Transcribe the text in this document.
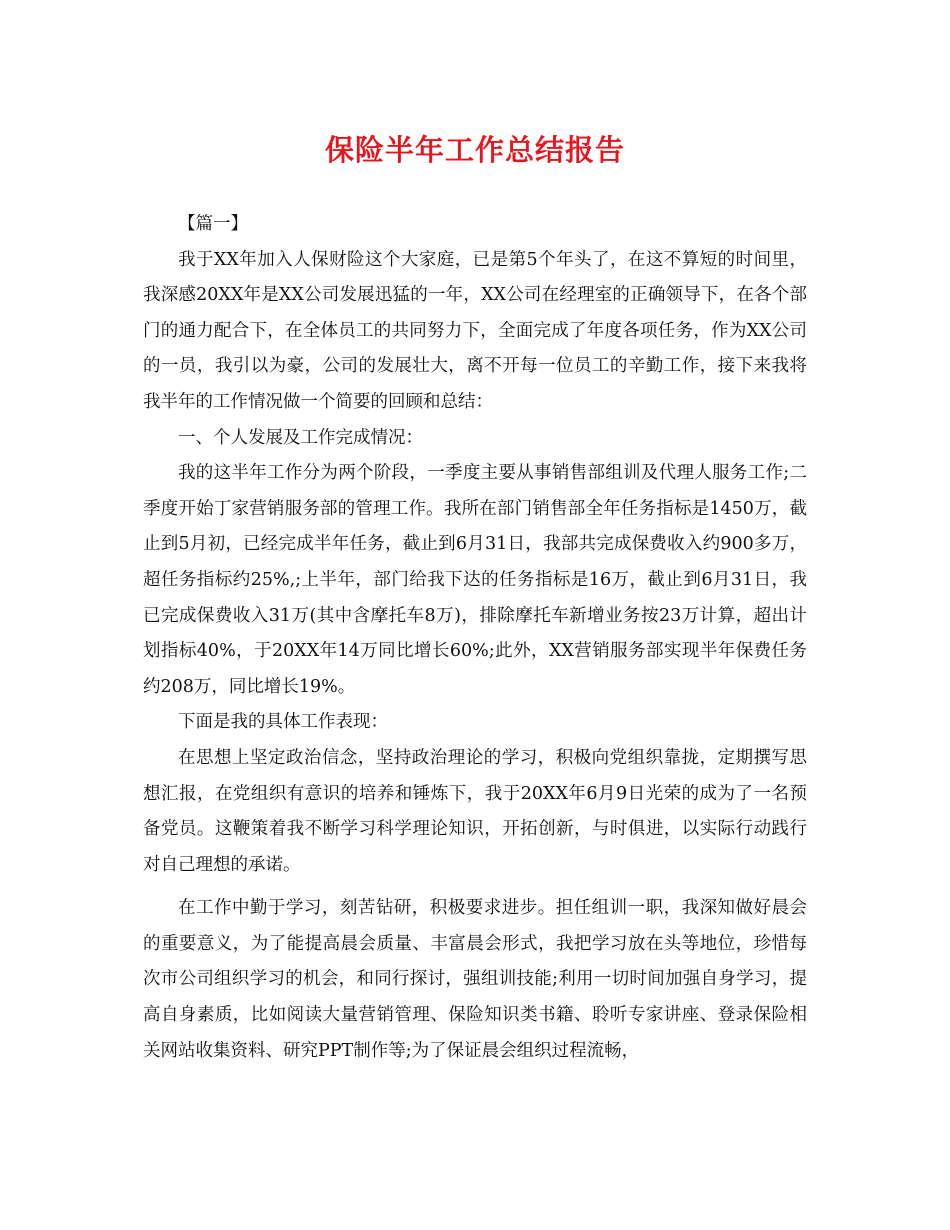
保险半年工作总结报告

【篇一】

我于XX年加入人保财险这个大家庭，已是第5个年头了，在这不算短的时间里，我深感20XX年是XX公司发展迅猛的一年，XX公司在经理室的正确领导下，在各个部门的通力配合下，在全体员工的共同努力下，全面完成了年度各项任务，作为XX公司的一员，我引以为豪，公司的发展壮大，离不开每一位员工的辛勤工作，接下来我将我半年的工作情况做一个简要的回顾和总结：

一、个人发展及工作完成情况：

我的这半年工作分为两个阶段，一季度主要从事销售部组训及代理人服务工作;二季度开始丁家营销服务部的管理工作。我所在部门销售部全年任务指标是1450万，截止到5月初，已经完成半年任务，截止到6月31日，我部共完成保费收入约900多万，超任务指标约25%,;上半年，部门给我下达的任务指标是16万，截止到6月31日，我已完成保费收入31万(其中含摩托车8万)，排除摩托车新增业务按23万计算，超出计划指标40%，于20XX年14万同比增长60%;此外，XX营销服务部实现半年保费任务约208万，同比增长19%。

下面是我的具体工作表现：

在思想上坚定政治信念，坚持政治理论的学习，积极向党组织靠拢，定期撰写思想汇报，在党组织有意识的培养和锤炼下，我于20XX年6月9日光荣的成为了一名预备党员。这鞭策着我不断学习科学理论知识，开拓创新，与时俱进，以实际行动践行对自己理想的承诺。

在工作中勤于学习，刻苦钻研，积极要求进步。担任组训一职，我深知做好晨会的重要意义，为了能提高晨会质量、丰富晨会形式，我把学习放在头等地位，珍惜每次市公司组织学习的机会，和同行探讨，强组训技能;利用一切时间加强自身学习，提高自身素质，比如阅读大量营销管理、保险知识类书籍、聆听专家讲座、登录保险相关网站收集资料、研究PPT制作等;为了保证晨会组织过程流畅，
